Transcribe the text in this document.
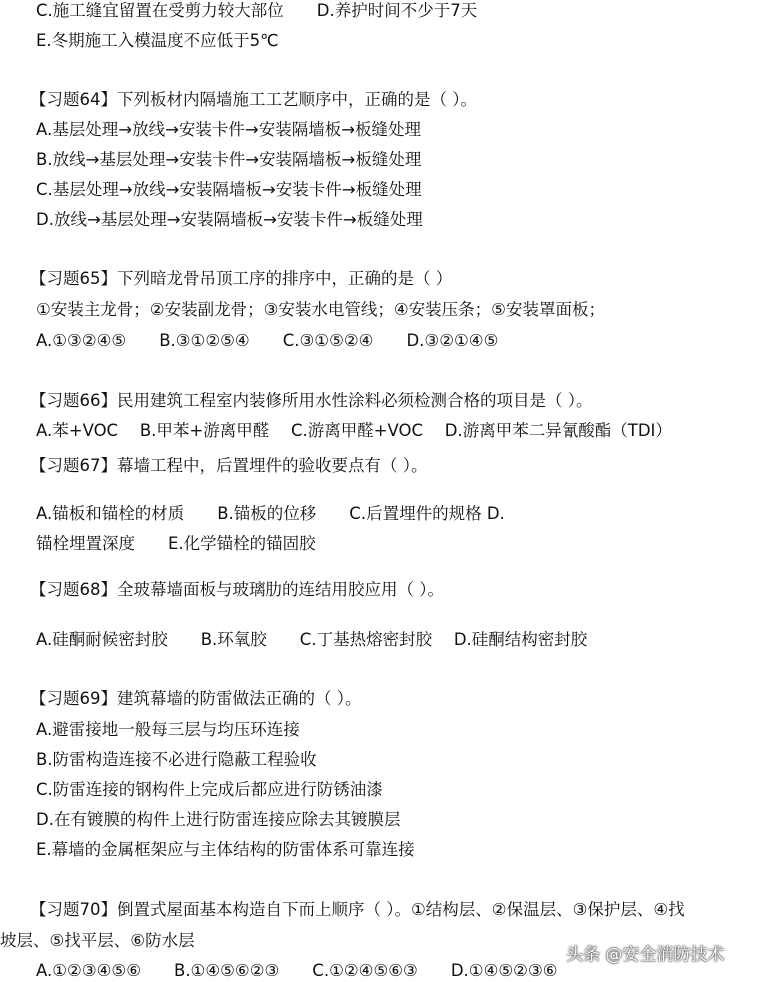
C.施工缝宜留置在受剪力较大部位　　D.养护时间不少于7天
E.冬期施工入模温度不应低于5℃
【习题64】下列板材内隔墙施工工艺顺序中，正确的是（ ）。
A.基层处理→放线→安装卡件→安装隔墙板→板缝处理
B.放线→基层处理→安装卡件→安装隔墙板→板缝处理
C.基层处理→放线→安装隔墙板→安装卡件→板缝处理
D.放线→基层处理→安装隔墙板→安装卡件→板缝处理
【习题65】下列暗龙骨吊顶工序的排序中，正确的是（ ）
①安装主龙骨；②安装副龙骨；③安装水电管线；④安装压条；⑤安装罩面板；
A.①③②④⑤　　B.③①②⑤④　　C.③①⑤②④　　D.③②①④⑤
【习题66】民用建筑工程室内装修所用水性涂料必须检测合格的项目是（ ）。
A.苯+VOC　 B.甲苯+游离甲醛　 C.游离甲醛+VOC　 D.游离甲苯二异氰酸酯（TDI）
【习题67】幕墙工程中，后置埋件的验收要点有（ ）。
A.锚板和锚栓的材质　　B.锚板的位移　　C.后置埋件的规格 D.
锚栓埋置深度　　E.化学锚栓的锚固胶
【习题68】全玻幕墙面板与玻璃肋的连结用胶应用（ ）。
A.硅酮耐候密封胶　　B.环氧胶　　C.丁基热熔密封胶　 D.硅酮结构密封胶
【习题69】建筑幕墙的防雷做法正确的（ ）。
A.避雷接地一般每三层与均压环连接
B.防雷构造连接不必进行隐蔽工程验收
C.防雷连接的钢构件上完成后都应进行防锈油漆
D.在有镀膜的构件上进行防雷连接应除去其镀膜层
E.幕墙的金属框架应与主体结构的防雷体系可靠连接
【习题70】倒置式屋面基本构造自下而上顺序（ ）。①结构层、②保温层、③保护层、④找
坡层、⑤找平层、⑥防水层
A.①②③④⑤⑥　　B.①④⑤⑥②③　　C.①②④⑤⑥③　　D.①④⑤②③⑥
头条 @安全消防技术
